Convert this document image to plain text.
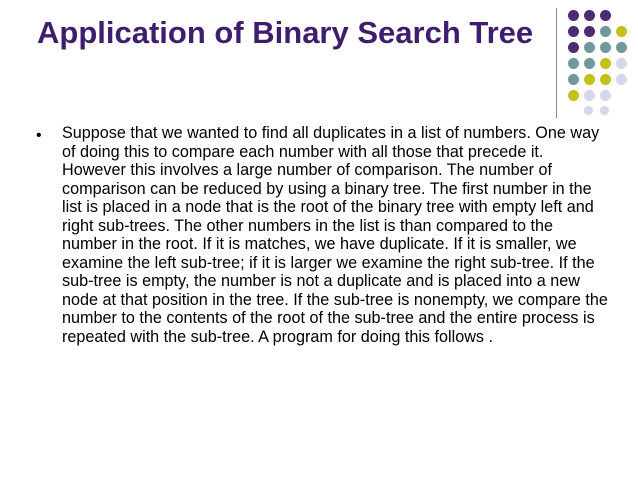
Application of Binary Search Tree
• Suppose that we wanted to find all duplicates in a list of numbers. One way of doing this to compare each number with all those that precede it. However this involves a large number of comparison. The number of comparison can be reduced by using a binary tree. The first number in the list is placed in a node that is the root of the binary tree with empty left and right sub-trees. The other numbers in the list is than compared to the number in the root. If it is matches, we have duplicate. If it is smaller, we examine the left sub-tree; if it is larger we examine the right sub-tree. If the sub-tree is empty, the number is not a duplicate and is placed into a new node at that position in the tree. If the sub-tree is nonempty, we compare the number to the contents of the root of the sub-tree and the entire process is repeated with the sub-tree. A program for doing this follows .
